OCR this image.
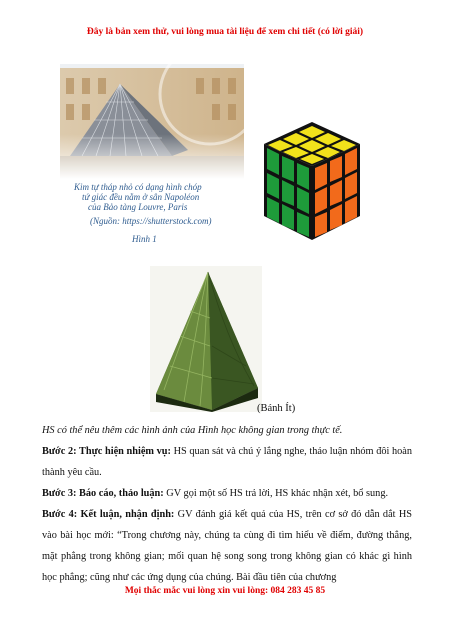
Đây là bản xem thử, vui lòng mua tài liệu để xem chi tiết (có lời giải)
Kim tự tháp nhỏ có dạng hình chóp
tứ giác đều nằm ở sân Napoléon
của Bảo tàng Louvre, Paris
(Nguồn: https://shutterstock.com)
Hình 1
(Bánh Ít)

HS có thể nêu thêm các hình ảnh của Hình học không gian trong thực tế.

Bước 2: Thực hiện nhiệm vụ: HS quan sát và chú ý lắng nghe, thảo luận nhóm đôi hoàn thành yêu cầu.

Bước 3: Báo cáo, thảo luận: GV gọi một số HS trả lời, HS khác nhận xét, bổ sung.

Bước 4: Kết luận, nhận định: GV đánh giá kết quả của HS, trên cơ sở đó dẫn dắt HS vào bài học mới: “Trong chương này, chúng ta cùng đi tìm hiểu về điểm, đường thẳng, mặt phẳng trong không gian; mối quan hệ song song trong không gian có khác gì hình học phẳng; cũng như các ứng dụng của chúng. Bài đầu tiên của chương

Mọi thắc mắc vui lòng xin vui lòng: 084 283 45 85
